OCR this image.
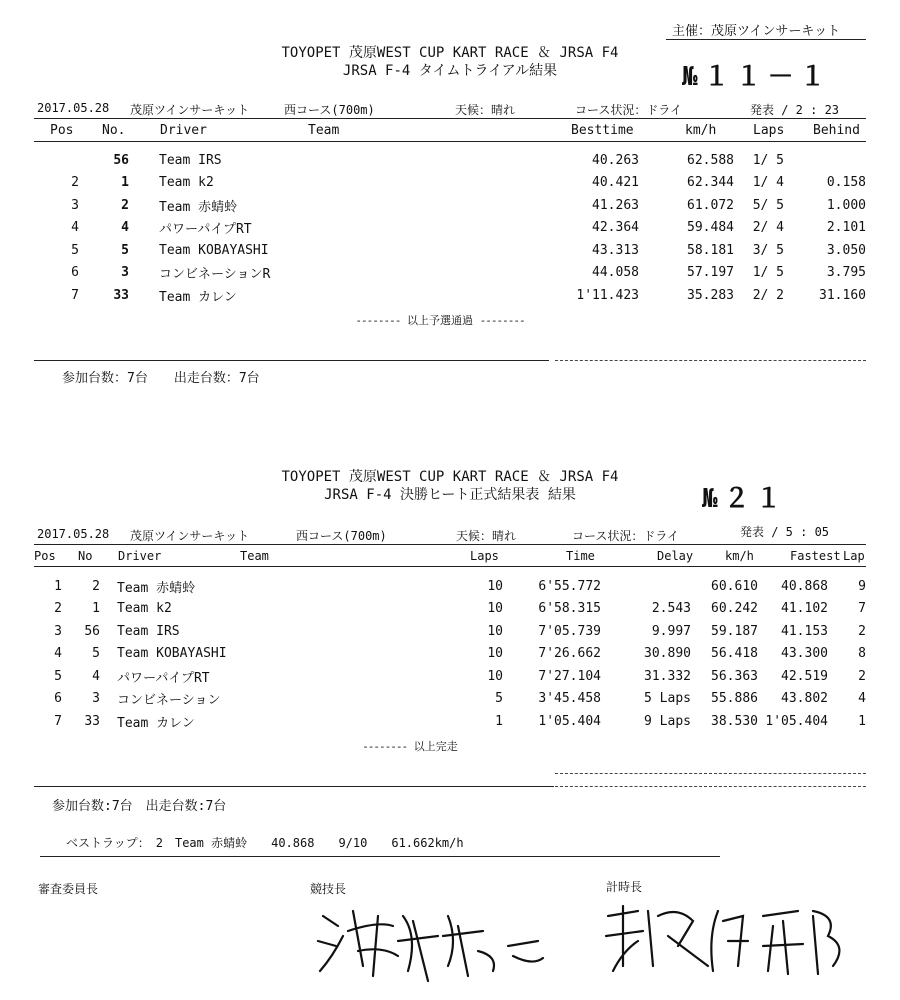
主催：茂原ツインサーキット
TOYOPET 茂原WEST CUP KART RACE ＆ JRSA F4
JRSA F-4 タイムトライアル結果	№１１－１
2017.05.28 茂原ツインサーキット	西コース(700m)	天候：晴れ	コース状況：ドライ	発表 / 2 : 23
Pos No.	Driver	Team	Besttime	km/h	Laps Behind
	56	Team IRS		40.263	62.588	1/ 5	
2	1	Team k2		40.421	62.344	1/ 4	0.158
3	2	Team 赤蜻蛉		41.263	61.072	5/ 5	1.000
4	4	パワーパイプRT		42.364	59.484	2/ 4	2.101
5	5	Team KOBAYASHI		43.313	58.181	3/ 5	3.050
6	3	コンビネーションR		44.058	57.197	1/ 5	3.795
7	33	Team カレン		1'11.423	35.283	2/ 2	31.160
-------- 以上予選通過 --------
参加台数：7台　　出走台数：7台
TOYOPET 茂原WEST CUP KART RACE ＆ JRSA F4
JRSA F-4 決勝ヒート正式結果表 結果	№２１
2017.05.28 茂原ツインサーキット	西コース(700m)	天候：晴れ	コース状況：ドライ	発表 / 5 : 05
Pos No Driver	Team	Laps	Time	Delay	km/h	Fastest Lap
1	2	Team 赤蜻蛉	10	6'55.772		60.610	40.868	9
2	1	Team k2	10	6'58.315	2.543	60.242	41.102	7
3	56	Team IRS	10	7'05.739	9.997	59.187	41.153	2
4	5	Team KOBAYASHI	10	7'26.662	30.890	56.418	43.300	8
5	4	パワーパイプRT	10	7'27.104	31.332	56.363	42.519	2
6	3	コンビネーション	5	3'45.458	5 Laps	55.886	43.802	4
7	33	Team カレン	1	1'05.404	9 Laps	38.530	1'05.404	1
-------- 以上完走
参加台数:7台　出走台数:7台
ベストラップ：　2　Team 赤蜻蛉　　40.868　　9/10　　61.662km/h
審査委員長	競技長	計時長
